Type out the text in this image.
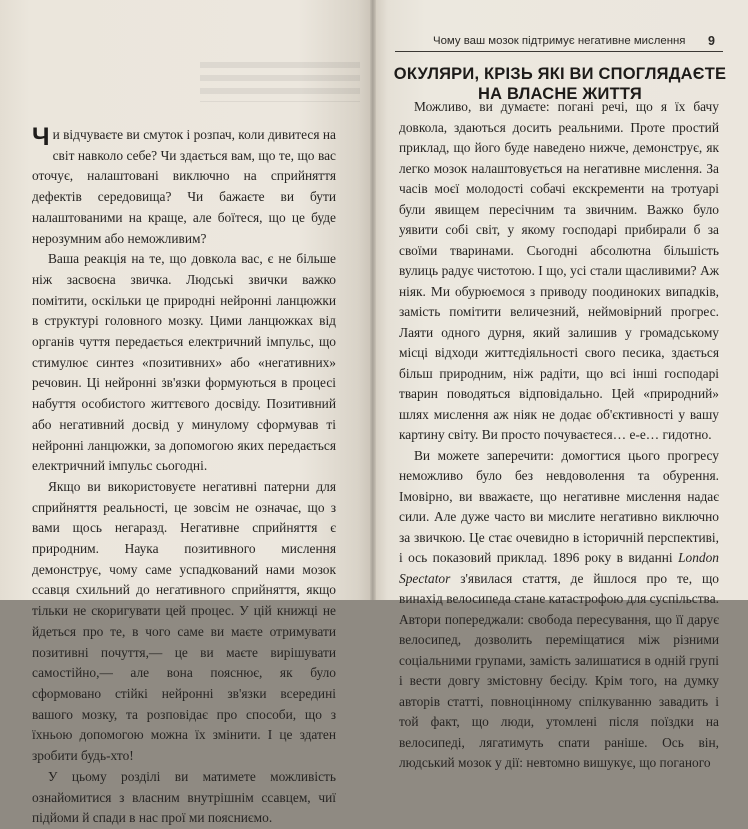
Чи відчуваєте ви смуток і розпач, коли дивитеся на світ навколо себе? Чи здається вам, що те, що вас оточує, налаштовані виключно на сприйняття дефектів середовища? Чи бажаєте ви бути налаштованими на краще, але боїтеся, що це буде нерозумним або неможливим?

Ваша реакція на те, що довкола вас, є не більше ніж засвоєна звичка. Людські звички важко помітити, оскільки це природні нейронні ланцюжки в структурі головного мозку. Цими ланцюжках від органів чуття передається електричний імпульс, що стимулює синтез «позитивних» або «негативних» речовин. Ці нейронні зв'язки формуються в процесі набуття особистого життєвого досвіду. Позитивний або негативний досвід у минулому сформував ті нейронні ланцюжки, за допомогою яких передається електричний імпульс сьогодні.

Якщо ви використовуєте негативні патерни для сприйняття реальності, це зовсім не означає, що з вами щось негаразд. Негативне сприйняття є природним. Наука позитивного мислення демонструє, чому саме успадкований нами мозок ссавця схильний до негативного сприйняття, якщо тільки не скоригувати цей процес. У цій книжці не йдеться про те, в чого саме ви маєте отримувати позитивні почуття,— це ви маєте вирішувати самостійно,— але вона пояснює, як було сформовано стійкі нейронні зв'язки всередині вашого мозку, та розповідає про способи, що з їхньою допомогою можна їх змінити. І це здатен зробити будь-хто!

У цьому розділі ви матимете можливість ознайомитися з власним внутрішнім ссавцем, чиї підйоми й спади в нас прої ми поясниємо.

Чому ваш мозок підтримує негативне мислення 9
ОКУЛЯРИ, КРІЗЬ ЯКІ ВИ СПОГЛЯДАЄТЕ НА ВЛАСНЕ ЖИТТЯ

Можливо, ви думаєте: погані речі, що я їх бачу довкола, здаються досить реальними. Проте простий приклад, що його буде наведено нижче, демонструє, як легко мозок налаштовується на негативне мислення. За часів моєї молодості собачі екскременти на тротуарі були явищем пересічним та звичним. Важко було уявити собі світ, у якому господарі прибирали б за своїми тваринами. Сьогодні абсолютна більшість вулиць радує чистотою. І що, усі стали щасливими? Аж ніяк. Ми обурюємося з приводу поодиноких випадків, замість помітити величезний, неймовірний прогрес. Лаяти одного дурня, який залишив у громадському місці відходи життєдіяльності свого песика, здається більш природним, ніж радіти, що всі інші господарі тварин поводяться відповідально. Цей «природний» шлях мислення аж ніяк не додає об'єктивності у вашу картину світу. Ви просто почуваєтеся… е-е… гидотно.

Ви можете заперечити: домогтися цього прогресу неможливо було без невдоволення та обурення. Імовірно, ви вважаєте, що негативне мислення надає сили. Але дуже часто ви мислите негативно виключно за звичкою. Це стає очевидно в історичній перспективі, і ось показовий приклад. 1896 року в виданні London Spectator з'явилася стаття, де йшлося про те, що винахід велосипеда стане катастрофою для суспільства. Автори попереджали: свобода пересування, що її дарує велосипед, дозволить переміщатися між різними соціальними групами, замість залишатися в одній групі і вести довгу змістовну бесіду. Крім того, на думку авторів статті, повноцінному спілкуванню завадить і той факт, що люди, утомлені після поїздки на велосипеді, лягатимуть спати раніше. Ось він, людський мозок у дії: невтомно вишукує, що поганого
